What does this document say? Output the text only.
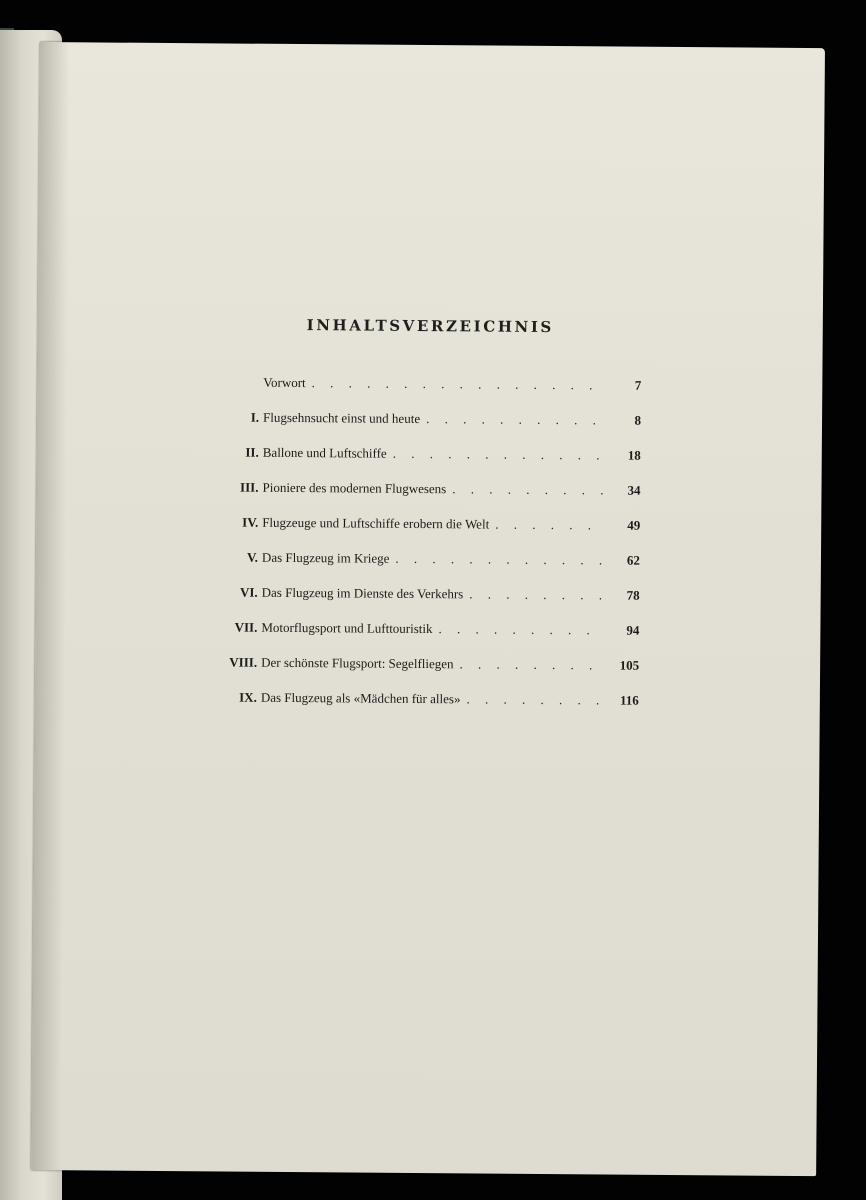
INHALTSVERZEICHNIS
Vorwort . . .	7
I. Flugsehnsucht einst und heute . . .	8
II. Ballone und Luftschiffe . . .	18
III. Pioniere des modernen Flugwesens . . .	34
IV. Flugzeuge und Luftschiffe erobern die Welt . . .	49
V. Das Flugzeug im Kriege . . .	62
VI. Das Flugzeug im Dienste des Verkehrs . . .	78
VII. Motorflugsport und Lufttouristik . . .	94
VIII. Der schönste Flugsport: Segelfliegen . . .	105
IX. Das Flugzeug als «Mädchen für alles» . . .	116
